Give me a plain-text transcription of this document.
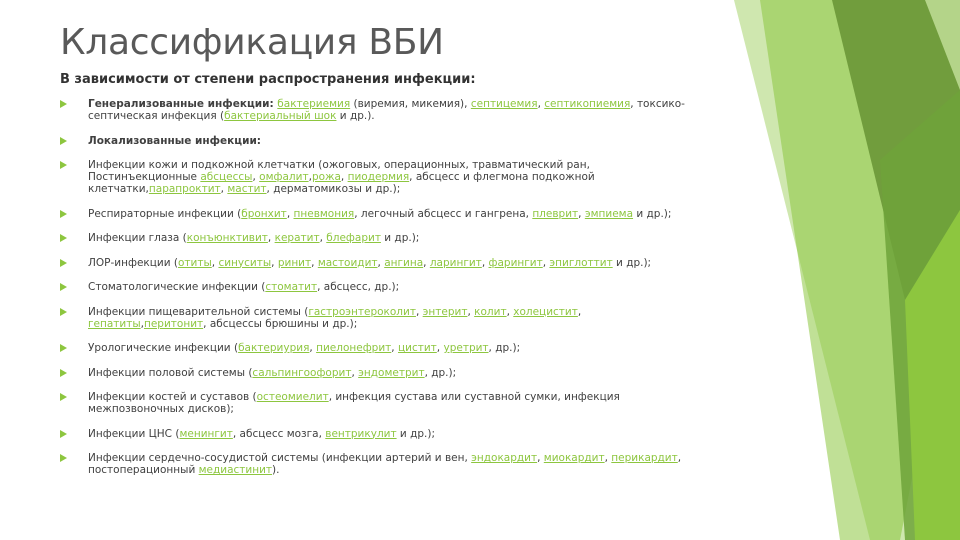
Классификация ВБИ

В зависимости от степени распространения инфекции:

Генерализованные инфекции: бактериемия (виремия, микемия), септицемия, септикопиемия, токсико-септическая инфекция (бактериальный шок и др.).
Локализованные инфекции:
Инфекции кожи и подкожной клетчатки (ожоговых, операционных, травматический ран, Постинъекционные абсцессы, омфалит,рожа, пиодермия, абсцесс и флегмона подкожной клетчатки,парапроктит, мастит, дерматомикозы и др.);
Респираторные инфекции (бронхит, пневмония, легочный абсцесс и гангрена, плеврит, эмпиема и др.);
Инфекции глаза (конъюнктивит, кератит, блефарит и др.);
ЛОР-инфекции (отиты, синуситы, ринит, мастоидит, ангина, ларингит, фарингит, эпиглоттит и др.);
Стоматологические инфекции (стоматит, абсцесс, др.);
Инфекции пищеварительной системы (гастроэнтероколит, энтерит, колит, холецистит, гепатиты,перитонит, абсцессы брюшины и др.);
Урологические инфекции (бактериурия, пиелонефрит, цистит, уретрит, др.);
Инфекции половой системы (сальпингоофорит, эндометрит, др.);
Инфекции костей и суставов (остеомиелит, инфекция сустава или суставной сумки, инфекция межпозвоночных дисков);
Инфекции ЦНС (менингит, абсцесс мозга, вентрикулит и др.);
Инфекции сердечно-сосудистой системы (инфекции артерий и вен, эндокардит, миокардит, перикардит, постоперационный медиастинит).
